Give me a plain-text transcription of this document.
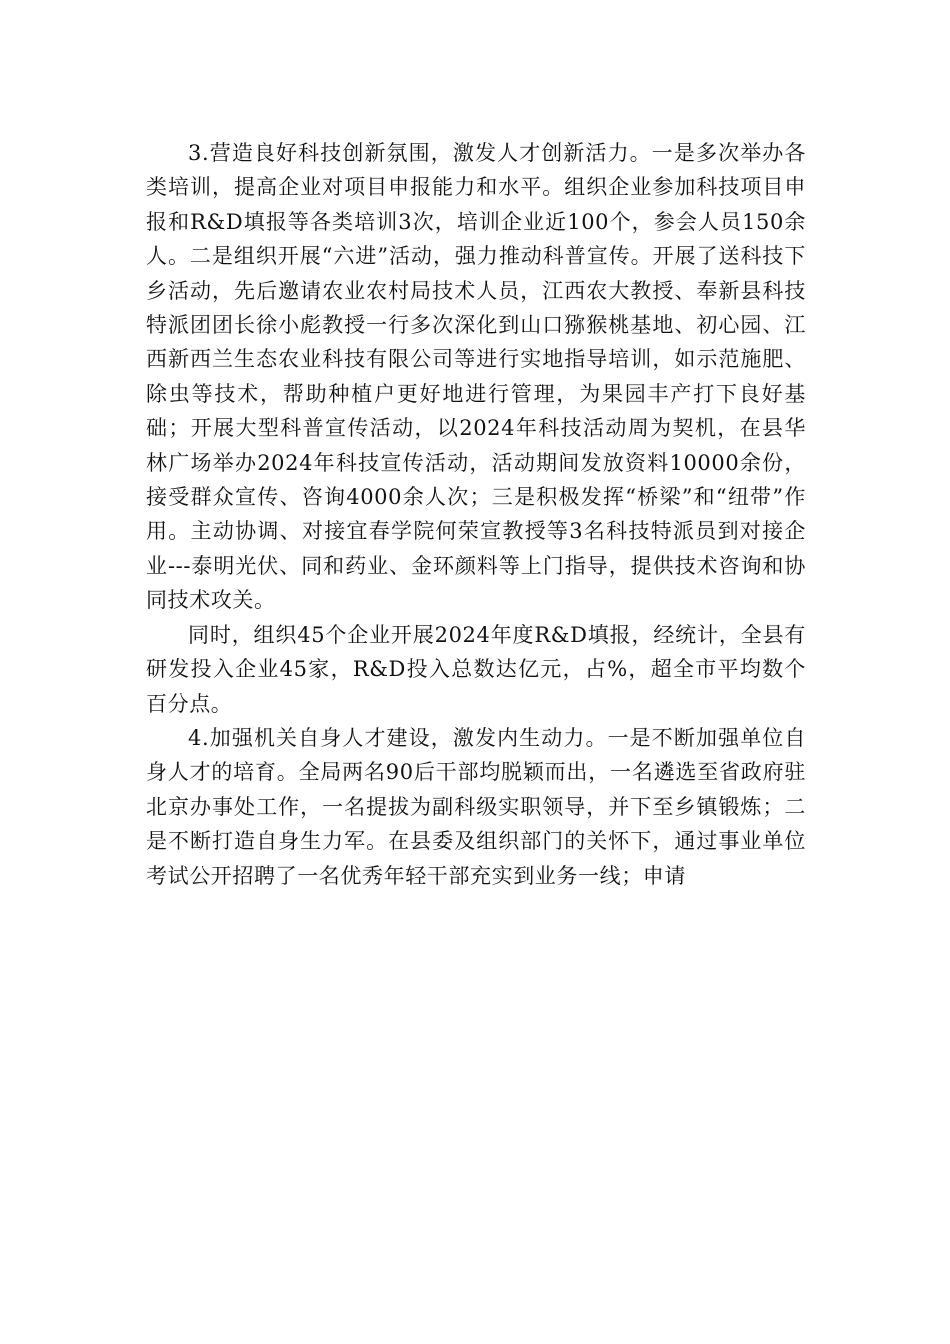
3.营造良好科技创新氛围，激发人才创新活力。一是多次举办各类培训，提高企业对项目申报能力和水平。组织企业参加科技项目申报和R&D填报等各类培训3次，培训企业近100个，参会人员150余人。二是组织开展“六进”活动，强力推动科普宣传。开展了送科技下乡活动，先后邀请农业农村局技术人员，江西农大教授、奉新县科技特派团团长徐小彪教授一行多次深化到山口猕猴桃基地、初心园、江西新西兰生态农业科技有限公司等进行实地指导培训，如示范施肥、除虫等技术，帮助种植户更好地进行管理，为果园丰产打下良好基础；开展大型科普宣传活动，以2024年科技活动周为契机，在县华林广场举办2024年科技宣传活动，活动期间发放资料10000余份，接受群众宣传、咨询4000余人次；三是积极发挥“桥梁”和“纽带”作用。主动协调、对接宜春学院何荣宣教授等3名科技特派员到对接企业---泰明光伏、同和药业、金环颜料等上门指导，提供技术咨询和协同技术攻关。

同时，组织45个企业开展2024年度R&D填报，经统计，全县有研发投入企业45家，R&D投入总数达亿元，占%，超全市平均数个百分点。

4.加强机关自身人才建设，激发内生动力。一是不断加强单位自身人才的培育。全局两名90后干部均脱颖而出，一名遴选至省政府驻北京办事处工作，一名提拔为副科级实职领导，并下至乡镇锻炼；二是不断打造自身生力军。在县委及组织部门的关怀下，通过事业单位考试公开招聘了一名优秀年轻干部充实到业务一线；申请
